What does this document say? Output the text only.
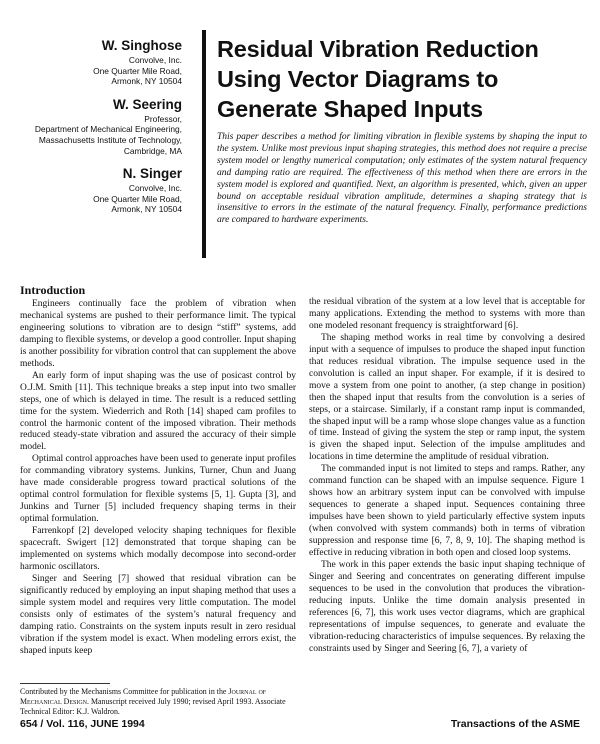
W. Singhose
Convolve, Inc.
One Quarter Mile Road,
Armonk, NY 10504
W. Seering
Professor,
Department of Mechanical Engineering,
Massachusetts Institute of Technology,
Cambridge, MA
N. Singer
Convolve, Inc.
One Quarter Mile Road,
Armonk, NY 10504
Residual Vibration Reduction
Using Vector Diagrams to
Generate Shaped Inputs

This paper describes a method for limiting vibration in flexible systems by shaping the input to the system. Unlike most previous input shaping strategies, this method does not require a precise system model or lengthy numerical computation; only estimates of the system natural frequency and damping ratio are required. The effectiveness of this method when there are errors in the system model is explored and quantified. Next, an algorithm is presented, which, given an upper bound on acceptable residual vibration amplitude, determines a shaping strategy that is insensitive to errors in the estimate of the natural frequency. Finally, performance predictions are compared to hardware experiments.

Introduction

Engineers continually face the problem of vibration when mechanical systems are pushed to their performance limit. The typical engineering solutions to vibration are to design “stiff” systems, add damping to flexible systems, or develop a good controller. Input shaping is another possibility for vibration control that can supplement the above methods.

An early form of input shaping was the use of posicast control by O.J.M. Smith [11]. This technique breaks a step input into two smaller steps, one of which is delayed in time. The result is a reduced settling time for the system. Wiederrich and Roth [14] shaped cam profiles to control the harmonic content of the imposed vibration. Their methods reduced steady-state vibration and assured the accuracy of their simple model.

Optimal control approaches have been used to generate input profiles for commanding vibratory systems. Junkins, Turner, Chun and Juang have made considerable progress toward practical solutions of the optimal control formulation for flexible systems [5, 1]. Gupta [3], and Junkins and Turner [5] included frequency shaping terms in their optimal formulation.

Farrenkopf [2] developed velocity shaping techniques for flexible spacecraft. Swigert [12] demonstrated that torque shaping can be implemented on systems which modally decompose into second-order harmonic oscillators.

Singer and Seering [7] showed that residual vibration can be significantly reduced by employing an input shaping method that uses a simple system model and requires very little computation. The model consists only of estimates of the system’s natural frequency and damping ratio. Constraints on the system inputs result in zero residual vibration if the system model is exact. When modeling errors exist, the shaped inputs keep

the residual vibration of the system at a low level that is acceptable for many applications. Extending the method to systems with more than one modeled resonant frequency is straightforward [6].

The shaping method works in real time by convolving a desired input with a sequence of impulses to produce the shaped input function that reduces residual vibration. The impulse sequence used in the convolution is called an input shaper. For example, if it is desired to move a system from one point to another, (a step change in position) then the shaped input that results from the convolution is a series of steps, or a staircase. Similarly, if a constant ramp input is commanded, the shaped input will be a ramp whose slope changes value as a function of time. Instead of giving the system the step or ramp input, the system is given the shaped input. Selection of the impulse amplitudes and locations in time determine the amplitude of residual vibration.

The commanded input is not limited to steps and ramps. Rather, any command function can be shaped with an impulse sequence. Figure 1 shows how an arbitrary system input can be convolved with impulse sequences to generate a shaped input. Sequences containing three impulses have been shown to yield particularly effective system inputs (when convolved with system commands) both in terms of vibration suppression and response time [6, 7, 8, 9, 10]. The shaping method is effective in reducing vibration in both open and closed loop systems.

The work in this paper extends the basic input shaping technique of Singer and Seering and concentrates on generating different impulse sequences to be used in the convolution that produces the vibration-reducing inputs. Unlike the time domain analysis presented in references [6, 7], this work uses vector diagrams, which are graphical representations of impulse sequences, to generate and evaluate the vibration-reducing characteristics of impulse sequences. By relaxing the constraints used by Singer and Seering [6, 7], a variety of

Contributed by the Mechanisms Committee for publication in the Journal of Mechanical Design. Manuscript received July 1990; revised April 1993. Associate Technical Editor: K.J. Waldron.

654 / Vol. 116, JUNE 1994	Transactions of the ASME
